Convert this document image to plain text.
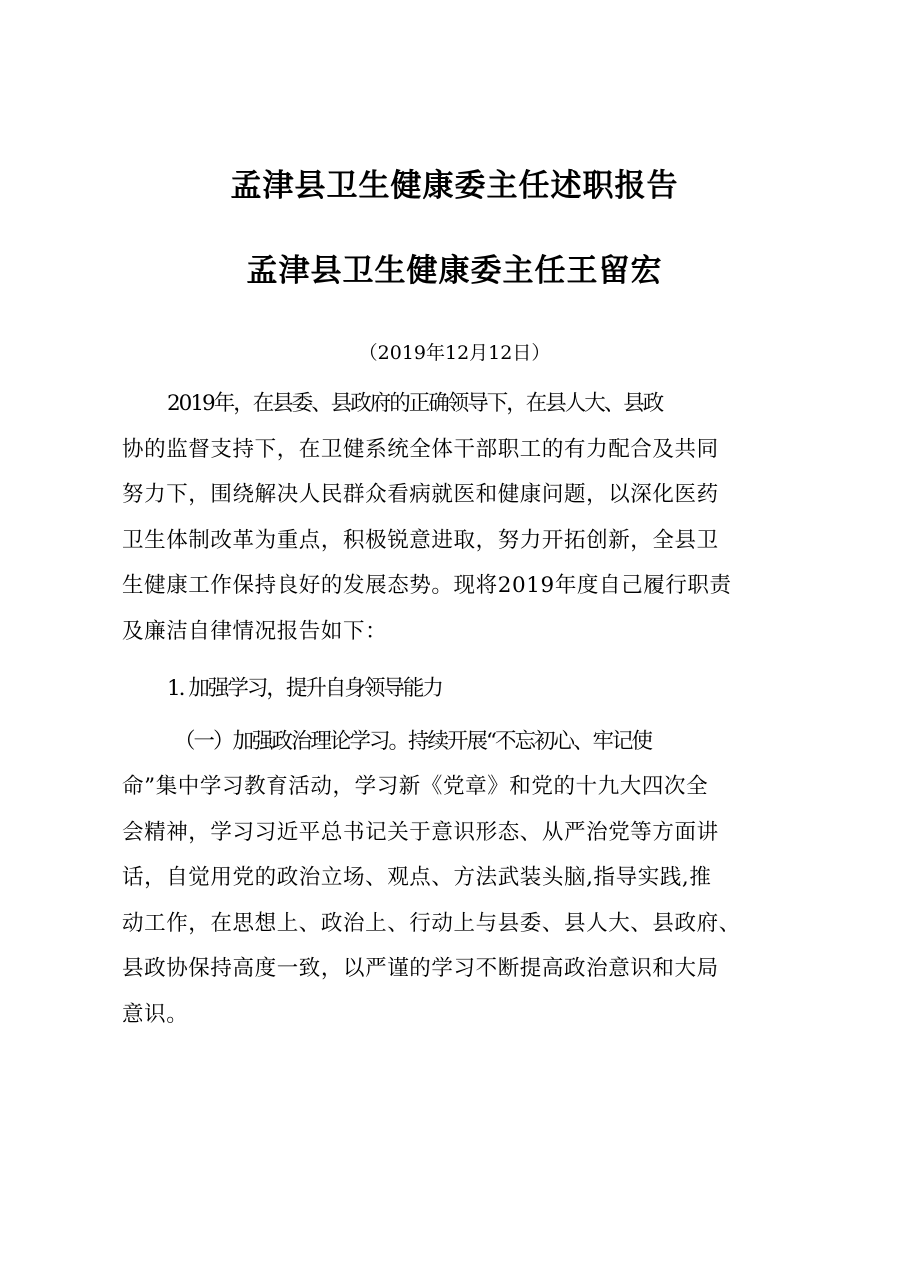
孟津县卫生健康委主任述职报告
孟津县卫生健康委主任王留宏
（2019年12月12日）
2019年，在县委、县政府的正确领导下，在县人大、县政
协的监督支持下，在卫健系统全体干部职工的有力配合及共同
努力下，围绕解决人民群众看病就医和健康问题，以深化医药
卫生体制改革为重点，积极锐意进取，努力开拓创新，全县卫
生健康工作保持良好的发展态势。现将2019年度自己履行职责
及廉洁自律情况报告如下：
1. 加强学习，提升自身领导能力
（一）加强政治理论学习。持续开展“不忘初心、牢记使
命”集中学习教育活动，学习新《党章》和党的十九大四次全
会精神，学习习近平总书记关于意识形态、从严治党等方面讲
话，自觉用党的政治立场、观点、方法武装头脑,指导实践,推
动工作，在思想上、政治上、行动上与县委、县人大、县政府、
县政协保持高度一致，以严谨的学习不断提高政治意识和大局
意识。
